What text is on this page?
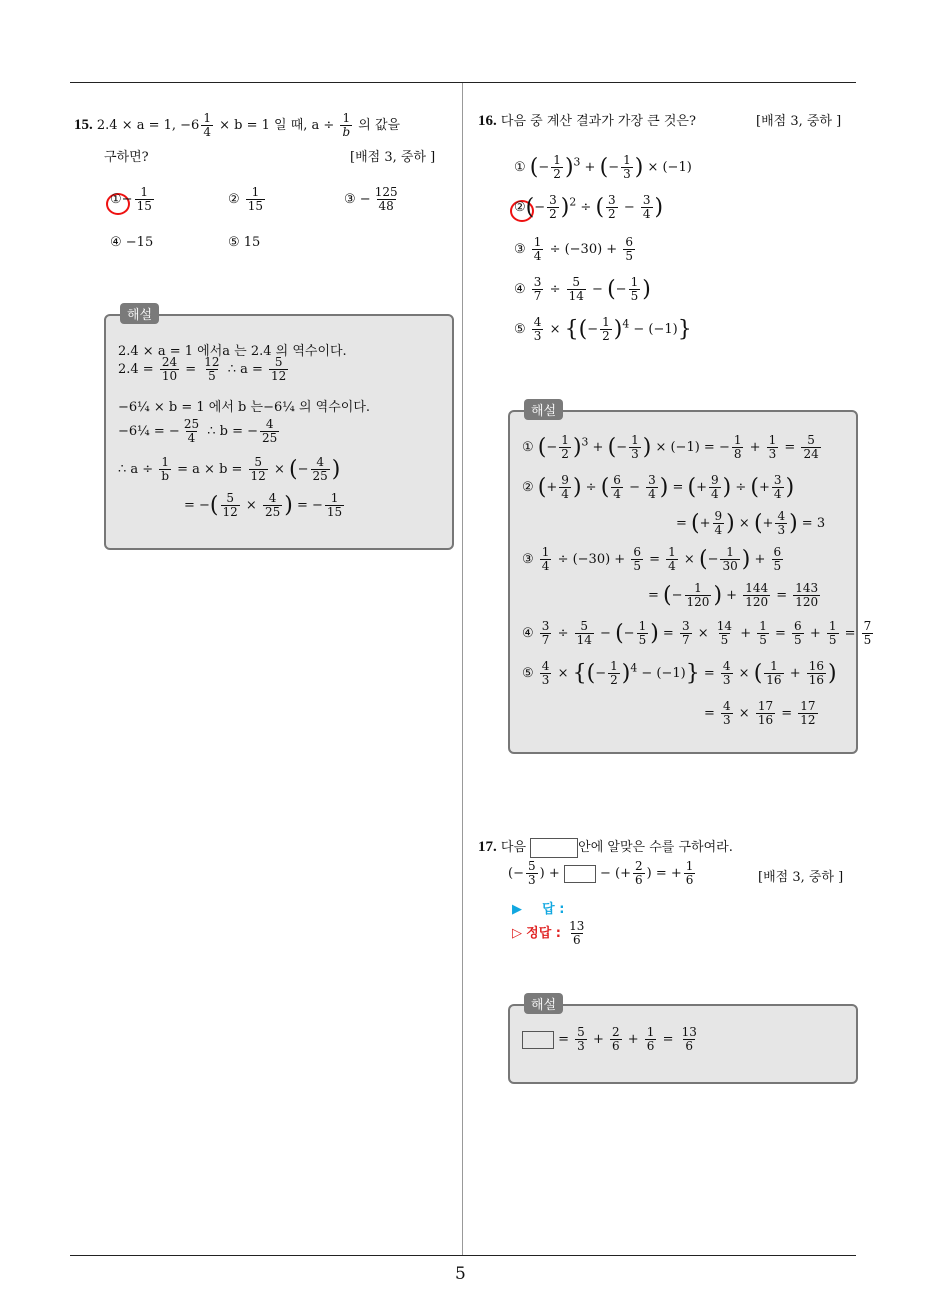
5
15. 2.4 × a = 1, $-6 \frac{1}{4} \times b = 1$ 일 때, $a \div \frac{1}{b}$ 의 값을
구하면?	[배점 3, 중하 ]
①− $\frac{1}{15}$	② $\frac{1}{15}$	③ − $\frac{125}{48}$
④ −15	⑤ 15
해설
2.4 × a = 1 에서a 는 2.4 의 역수이다.
$2.4 = \frac{24}{10} = \frac{12}{5}$ ∴ $a = \frac{5}{12}$
−6¼ × b = 1 에서 b 는−6¼ 의 역수이다.
−6¼ = − $\frac{25}{4}$ ∴ b = − $\frac{4}{25}$
∴ $a \div \frac{1}{b} = a \times b = \frac{5}{12}$ × (− $\frac{4}{25}$ )
= −( $\frac{5}{12} \times \frac{4}{25}$ ) = − $\frac{1}{15}$
16. 다음 중 계산 결과가 가장 큰 것은?	[배점 3, 중하 ]
① (− $\frac{1}{2} )^3$ + (− $\frac{1}{3}$ ) × (−1)
②(− $\frac{3}{2} )^2$ ÷ ( $\frac{3}{2} - \frac{3}{4}$ )
③ $\frac{1}{4} \div (-30) + \frac{6}{5}$
④ $\frac{3}{7} \div \frac{5}{14}$ − (− $\frac{1}{5}$ )
⑤ $\frac{4}{3}$ × {(− $\frac{1}{2} )^4 - (-1)$}
해설
① (− $\frac{1}{2} )^3$ + (− $\frac{1}{3}$ ) × (−1) = − $\frac{1}{8} + \frac{1}{3} = \frac{5}{24}$
② (+ $\frac{9}{4}$ ) ÷ ( $\frac{6}{4} - \frac{3}{4}$ ) = (+ $\frac{9}{4}$ ) ÷ (+ $\frac{3}{4}$ )
= (+ $\frac{9}{4}$ ) × (+ $\frac{4}{3}$ ) = 3
③ $\frac{1}{4} \div (-30) + \frac{6}{5} = \frac{1}{4}$ × (− $\frac{1}{30}$ ) + $\frac{6}{5}$
= (− $\frac{1}{120}$ ) + $\frac{144}{120} = \frac{143}{120}$
④ $\frac{3}{7} \div \frac{5}{14}$ − (− $\frac{1}{5}$ ) = $\frac{3}{7} \times \frac{14}{5} + \frac{1}{5} = \frac{6}{5} + \frac{1}{5} = \frac{7}{5}$
⑤ $\frac{4}{3}$ × {(− $\frac{1}{2} )^4 - (-1)\} = \frac{4}{3}$ × ( $\frac{1}{16} + \frac{16}{16}$ )
= $\frac{4}{3} \times \frac{17}{16} = \frac{17}{12}$
17. 다음	안에 알맞은 수를 구하여라.
(− $\frac{5}{3}$ ) +  − (+ $\frac{2}{6}$ ) = + $\frac{1}{6}$	[배점 3, 중하 ]
▶ 답 :
▷ 정답 : $\frac{13}{6}$
해설
= $\frac{5}{3} + \frac{2}{6} + \frac{1}{6} = \frac{13}{6}$
